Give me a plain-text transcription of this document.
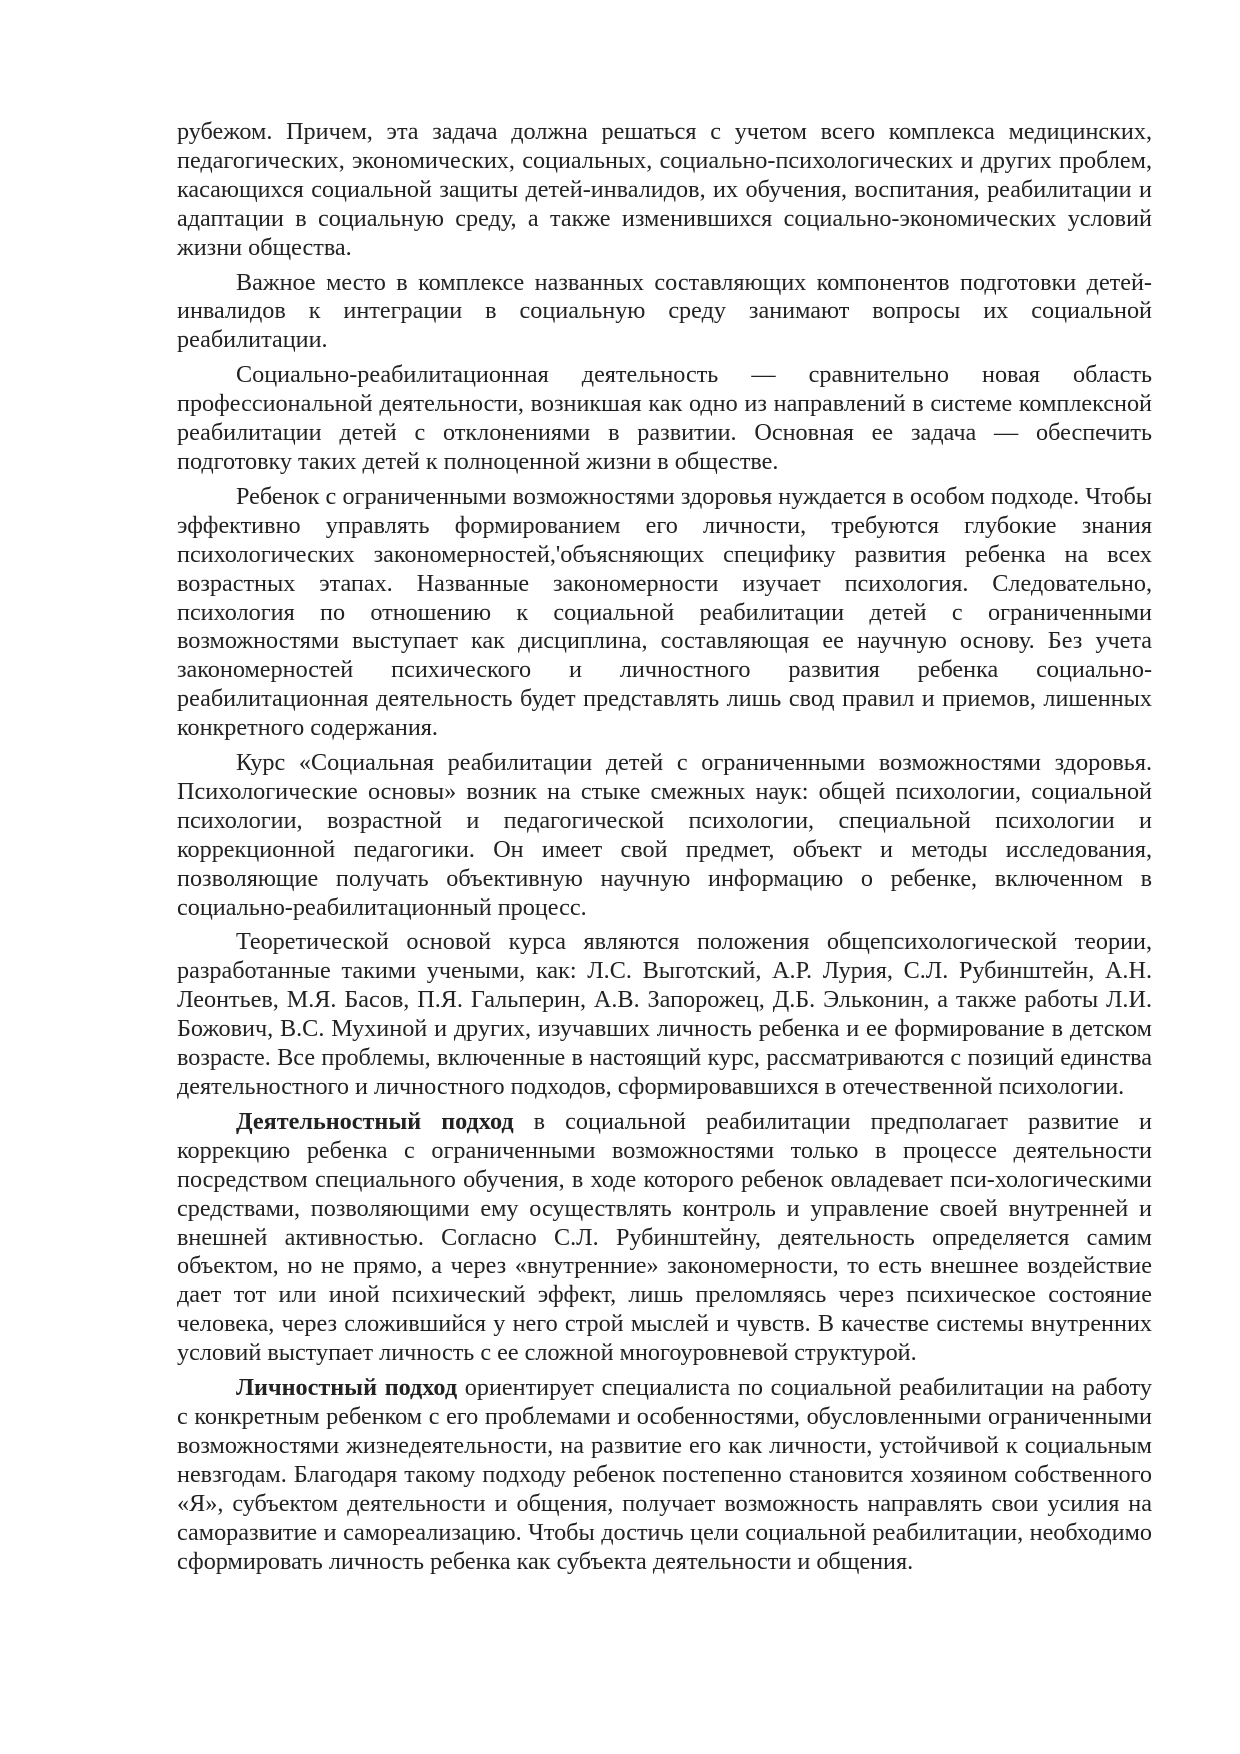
рубежом. Причем, эта задача должна решаться с учетом всего комплекса медицинских, педагогических, экономических, социальных, социально-психологических и других проблем, касающихся социальной защиты детей-инвалидов, их обучения, воспитания, реабилитации и адаптации в социальную среду, а также изменившихся социально-экономических условий жизни общества.

Важное место в комплексе названных составляющих компонентов подготовки детей-инвалидов к интеграции в социальную среду занимают вопросы их социальной реабилитации.

Социально-реабилитационная деятельность — сравнительно новая область профессиональной деятельности, возникшая как одно из направлений в системе комплексной реабилитации детей с отклонениями в развитии. Основная ее задача — обеспечить подготовку таких детей к полноценной жизни в обществе.

Ребенок с ограниченными возможностями здоровья нуждается в особом подходе. Чтобы эффективно управлять формированием его личности, требуются глубокие знания психологических закономерностей,'объясняющих специфику развития ребенка на всех возрастных этапах. Названные закономерности изучает психология. Следовательно, психология по отношению к социальной реабилитации детей с ограниченными возможностями выступает как дисциплина, составляющая ее научную основу. Без учета закономерностей психического и личностного развития ребенка социально-реабилитационная деятельность будет представлять лишь свод правил и приемов, лишенных конкретного содержания.

Курс «Социальная реабилитации детей с ограниченными возможностями здоровья. Психологические основы» возник на стыке смежных наук: общей психологии, социальной психологии, возрастной и педагогической психологии, специальной психологии и коррекционной педагогики. Он имеет свой предмет, объект и методы исследования, позволяющие получать объективную научную информацию о ребенке, включенном в социально-реабилитационный процесс.

Теоретической основой курса являются положения общепсихологической теории, разработанные такими учеными, как: Л.С. Выготский, А.Р. Лурия, С.Л. Рубинштейн, А.Н. Леонтьев, М.Я. Басов, П.Я. Гальперин, А.В. Запорожец, Д.Б. Эльконин, а также работы Л.И. Божович, В.С. Мухиной и других, изучавших личность ребенка и ее формирование в детском возрасте. Все проблемы, включенные в настоящий курс, рассматриваются с позиций единства деятельностного и личностного подходов, сформировавшихся в отечественной психологии.

Деятельностный подход в социальной реабилитации предполагает развитие и коррекцию ребенка с ограниченными возможностями только в процессе деятельности посредством специального обучения, в ходе которого ребенок овладевает пси-хологическими средствами, позволяющими ему осуществлять контроль и управление своей внутренней и внешней активностью. Согласно С.Л. Рубинштейну, деятельность определяется самим объектом, но не прямо, а через «внутренние» закономерности, то есть внешнее воздействие дает тот или иной психический эффект, лишь преломляясь через психическое состояние человека, через сложившийся у него строй мыслей и чувств. В качестве системы внутренних условий выступает личность с ее сложной многоуровневой структурой.

Личностный подход ориентирует специалиста по социальной реабилитации на работу с конкретным ребенком с его проблемами и особенностями, обусловленными ограниченными возможностями жизнедеятельности, на развитие его как личности, устойчивой к социальным невзгодам. Благодаря такому подходу ребенок постепенно становится хозяином собственного «Я», субъектом деятельности и общения, получает возможность направлять свои усилия на саморазвитие и самореализацию. Чтобы достичь цели социальной реабилитации, необходимо сформировать личность ребенка как субъекта деятельности и общения.
